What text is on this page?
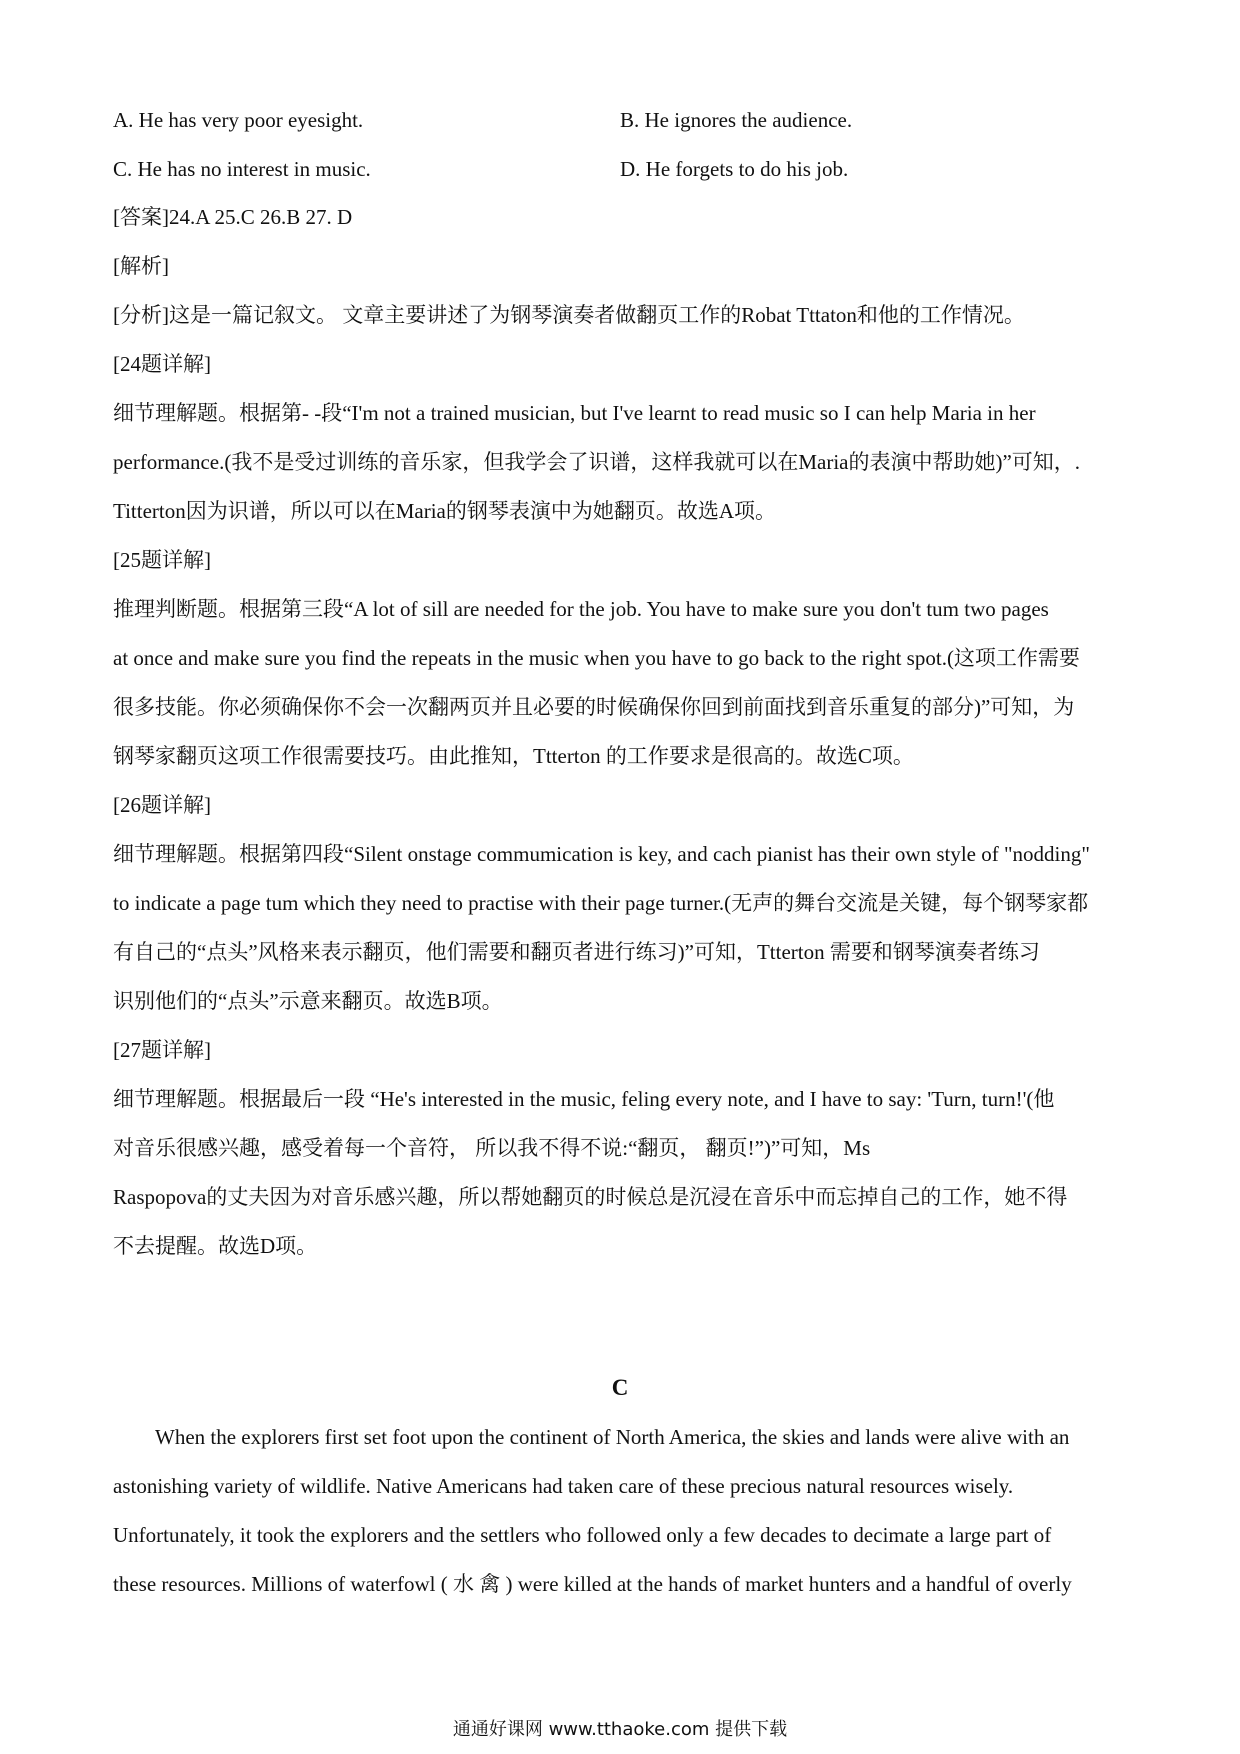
A. He has very poor eyesight.	B. He ignores the audience.
C. He has no interest in music.	D. He forgets to do his job.
[答案]24.A 25.C 26.B 27. D
[解析]
[分析]这是一篇记叙文。 文章主要讲述了为钢琴演奏者做翻页工作的Robat Tttaton和他的工作情况。
[24题详解]
细节理解题。根据第- -段“I'm not a trained musician, but I've learnt to read music so I can help Maria in her
performance.(我不是受过训练的音乐家，但我学会了识谱，这样我就可以在Maria的表演中帮助她)”可知，.
Titterton因为识谱，所以可以在Maria的钢琴表演中为她翻页。故选A项。
[25题详解]
推理判断题。根据第三段“A lot of sill are needed for the job. You have to make sure you don't tum two pages
at once and make sure you find the repeats in the music when you have to go back to the right spot.(这项工作需要
很多技能。你必须确保你不会一次翻两页并且必要的时候确保你回到前面找到音乐重复的部分)”可知，为
钢琴家翻页这项工作很需要技巧。由此推知，Ttterton 的工作要求是很高的。故选C项。
[26题详解]
细节理解题。根据第四段“Silent onstage commumication is key, and cach pianist has their own style of "nodding"
to indicate a page tum which they need to practise with their page turner.(无声的舞台交流是关键，每个钢琴家都
有自己的“点头”风格来表示翻页，他们需要和翻页者进行练习)”可知，Ttterton 需要和钢琴演奏者练习
识别他们的“点头”示意来翻页。故选B项。
[27题详解]
细节理解题。根据最后一段 “He's interested in the music, feling every note, and I have to say: 'Turn, turn!'(他
对音乐很感兴趣，感受着每一个音符， 所以我不得不说:“翻页， 翻页!”)”可知，Ms
Raspopova的丈夫因为对音乐感兴趣，所以帮她翻页的时候总是沉浸在音乐中而忘掉自己的工作，她不得
不去提醒。故选D项。
C
When the explorers first set foot upon the continent of North America, the skies and lands were alive with an
astonishing variety of wildlife. Native Americans had taken care of these precious natural resources wisely.
Unfortunately, it took the explorers and the settlers who followed only a few decades to decimate a large part of
these resources. Millions of waterfowl ( 水 禽 ) were killed at the hands of market hunters and a handful of overly
通通好课网 www.tthaoke.com 提供下载
